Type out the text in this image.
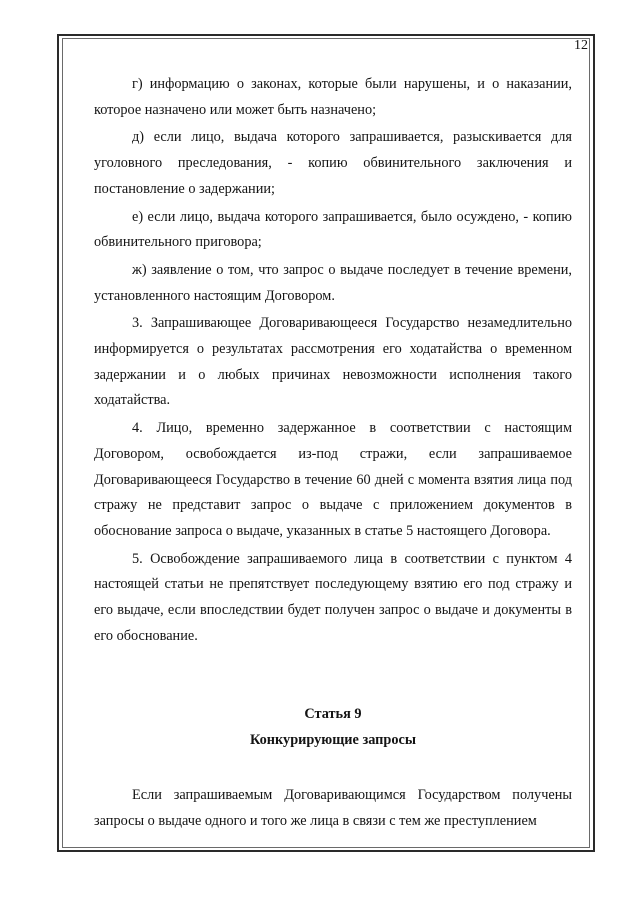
12

г) информацию о законах, которые были нарушены, и о наказании, которое назначено или может быть назначено;

д) если лицо, выдача которого запрашивается, разыскивается для уголовного преследования, - копию обвинительного заключения и постановление о задержании;

е) если лицо, выдача которого запрашивается, было осуждено, - копию обвинительного приговора;

ж) заявление о том, что запрос о выдаче последует в течение времени, установленного настоящим Договором.

3. Запрашивающее Договаривающееся Государство незамедлительно информируется о результатах рассмотрения его ходатайства о временном задержании и о любых причинах невозможности исполнения такого ходатайства.

4. Лицо, временно задержанное в соответствии с настоящим Договором, освобождается из-под стражи, если запрашиваемое Договаривающееся Государство в течение 60 дней с момента взятия лица под стражу не представит запрос о выдаче с приложением документов в обоснование запроса о выдаче, указанных в статье 5 настоящего Договора.

5. Освобождение запрашиваемого лица в соответствии с пунктом 4 настоящей статьи не препятствует последующему взятию его под стражу и его выдаче, если впоследствии будет получен запрос о выдаче и документы в его обоснование.

Статья 9
Конкурирующие запросы

Если запрашиваемым Договаривающимся Государством получены запросы о выдаче одного и того же лица в связи с тем же преступлением
